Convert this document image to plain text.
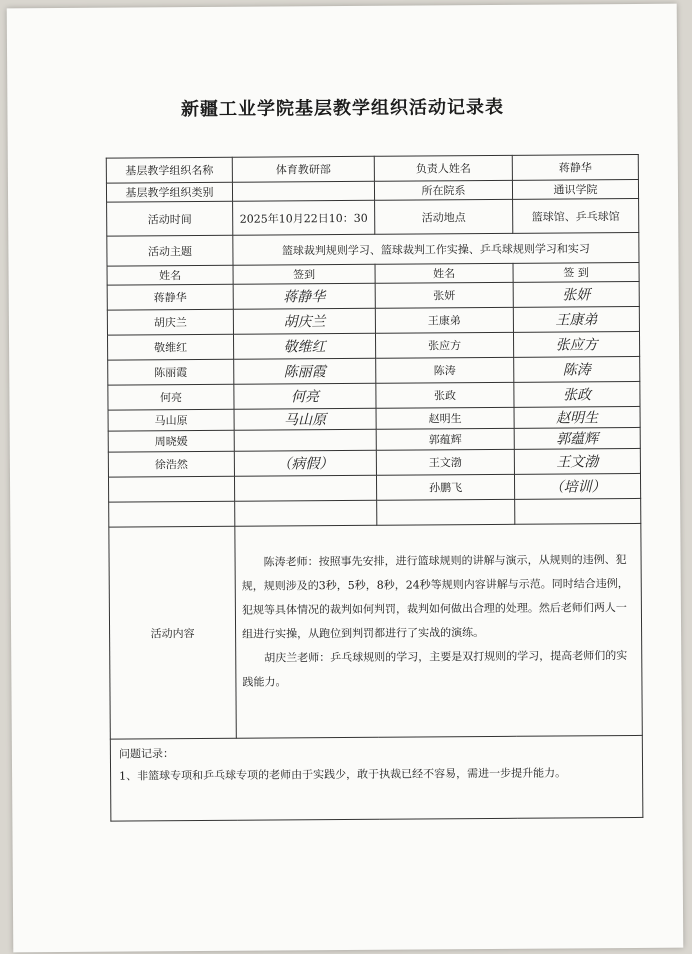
新疆工业学院基层教学组织活动记录表
基层教学组织名称	体育教研部	负责人姓名	蒋静华
基层教学组织类别		所在院系	通识学院
活动时间	2025年10月22日10：30	活动地点	篮球馆、乒乓球馆
活动主题	篮球裁判规则学习、篮球裁判工作实操、乒乓球规则学习和实习		
姓名	签到	姓名	签 到
蒋静华	蒋静华	张妍	张妍
胡庆兰	胡庆兰	王康弟	王康弟
敬维红	敬维红	张应方	张应方
陈丽霞	陈丽霞	陈涛	陈涛
何亮	何亮	张政	张政
马山原	马山原	赵明生	赵明生
周晓媛		郭蕴辉	郭蕴辉
徐浩然	（病假）	王文渤	王文渤
		孙鹏飞	（培训）

活动内容	陈涛老师：按照事先安排，进行篮球规则的讲解与演示，从规则的违例、犯规，规则涉及的3秒，5秒，8秒，24秒等规则内容讲解与示范。同时结合违例，犯规等具体情况的裁判如何判罚，裁判如何做出合理的处理。然后老师们两人一组进行实操，从跑位到判罚都进行了实战的演练。

胡庆兰老师：乒乓球规则的学习，主要是双打规则的学习，提高老师们的实践能力。		

问题记录：
1、非篮球专项和乒乓球专项的老师由于实践少，敢于执裁已经不容易，需进一步提升能力。			
